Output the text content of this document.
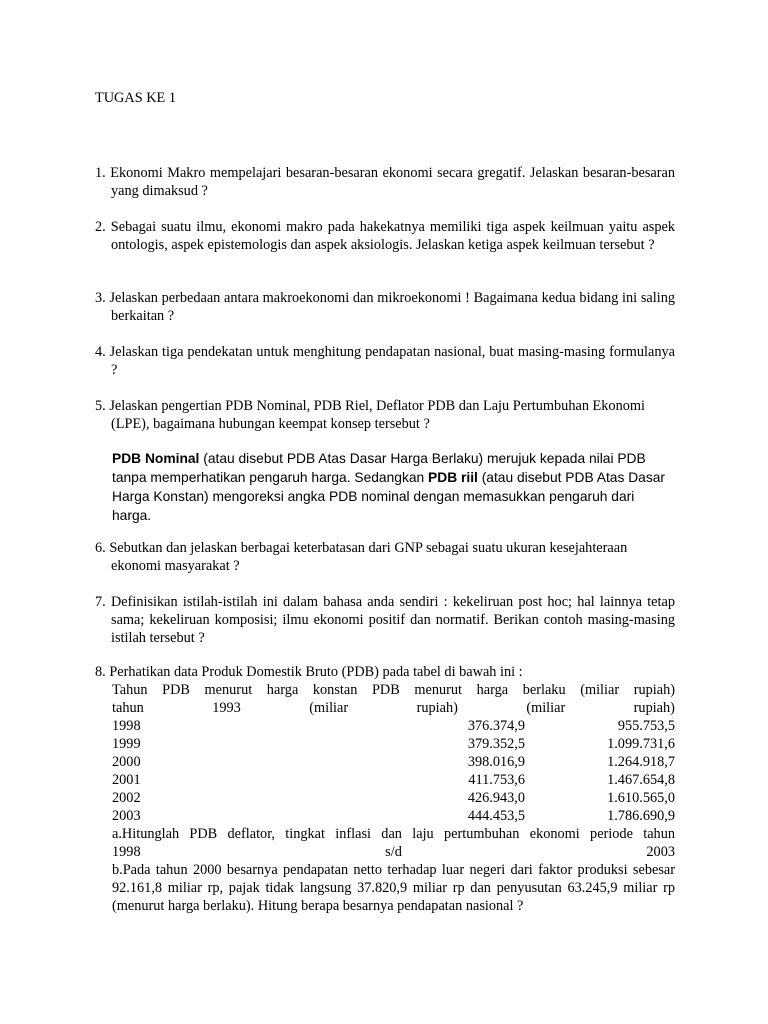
TUGAS KE 1

1. Ekonomi Makro mempelajari besaran-besaran ekonomi secara gregatif. Jelaskan besaran-besaran yang dimaksud ?

2. Sebagai suatu ilmu, ekonomi makro pada hakekatnya memiliki tiga aspek keilmuan yaitu aspek ontologis, aspek epistemologis dan aspek aksiologis. Jelaskan ketiga aspek keilmuan tersebut ?

3. Jelaskan perbedaan antara makroekonomi dan mikroekonomi ! Bagaimana kedua bidang ini saling berkaitan ?

4. Jelaskan tiga pendekatan untuk menghitung pendapatan nasional, buat masing-masing formulanya ?

5. Jelaskan pengertian PDB Nominal, PDB Riel, Deflator PDB dan Laju Pertumbuhan Ekonomi (LPE), bagaimana hubungan keempat konsep tersebut ?

PDB Nominal (atau disebut PDB Atas Dasar Harga Berlaku) merujuk kepada nilai PDB tanpa memperhatikan pengaruh harga. Sedangkan PDB riil (atau disebut PDB Atas Dasar Harga Konstan) mengoreksi angka PDB nominal dengan memasukkan pengaruh dari harga.

6. Sebutkan dan jelaskan berbagai keterbatasan dari GNP sebagai suatu ukuran kesejahteraan ekonomi masyarakat ?

7. Definisikan istilah-istilah ini dalam bahasa anda sendiri : kekeliruan post hoc; hal lainnya tetap sama; kekeliruan komposisi; ilmu ekonomi positif dan normatif. Berikan contoh masing-masing istilah tersebut ?

8. Perhatikan data Produk Domestik Bruto (PDB) pada tabel di bawah ini :

Tahun PDB menurut harga konstan PDB menurut harga berlaku (miliar rupiah)
tahun	1993	(miliar	rupiah)	(miliar	rupiah)
1998	376.374,9	955.753,5
1999	379.352,5	1.099.731,6
2000	398.016,9	1.264.918,7
2001	411.753,6	1.467.654,8
2002	426.943,0	1.610.565,0
2003	444.453,5	1.786.690,9
a.Hitunglah PDB deflator, tingkat inflasi dan laju pertumbuhan ekonomi periode tahun
1998	s/d	2003

b.Pada tahun 2000 besarnya pendapatan netto terhadap luar negeri dari faktor produksi sebesar 92.161,8 miliar rp, pajak tidak langsung 37.820,9 miliar rp dan penyusutan 63.245,9 miliar rp (menurut harga berlaku). Hitung berapa besarnya pendapatan nasional ?
